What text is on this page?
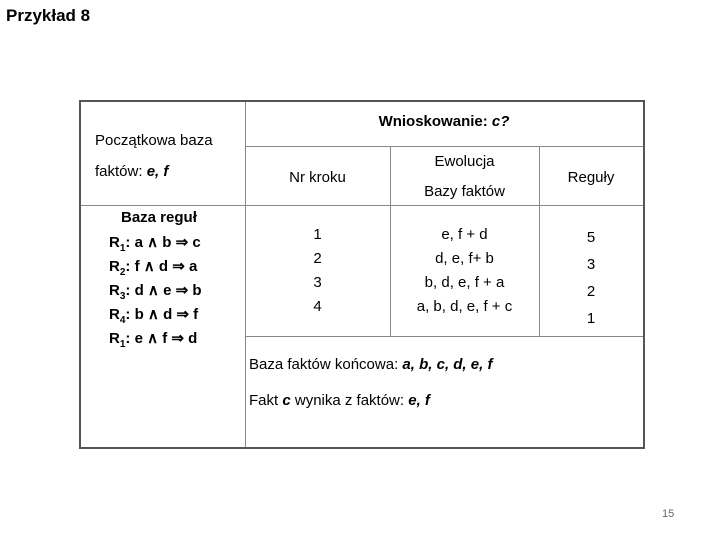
Przykład 8
Początkowa baza
faktów: e, f
Baza reguł
$R_1$: a ∧ b ⇒ c
$R_2$: f ∧ d ⇒ a
$R_3$: d ∧ e ⇒ b
$R_4$: b ∧ d ⇒ f
$R_1$: e ∧ f ⇒ d
Wnioskowanie: c?
Nr kroku
Ewolucja
Bazy faktów
Reguły
1
2
3
4
e, f + d
d, e, f+ b
b, d, e, f + a
a, b, d, e, f + c
5
3
2
1
Baza faktów końcowa: a, b, c, d, e, f
Fakt c wynika z faktów: e, f
15
